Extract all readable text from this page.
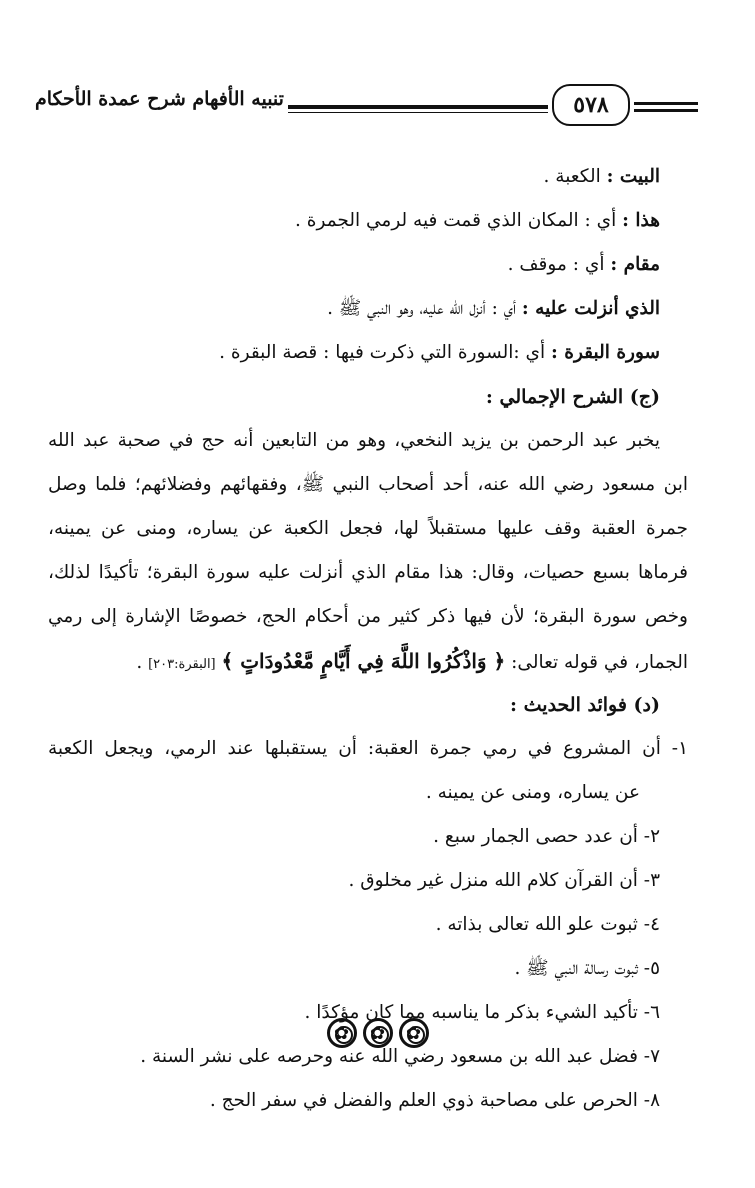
تنبيه الأفهام شرح عمدة الأحكام	٥٧٨
البيت : الكعبة .
هذا : أي : المكان الذي قمت فيه لرمي الجمرة .
مقام : أي : موقف .
الذي أنزلت عليه : أي : أنزل الله عليه، وهو النبي ﷺ .
سورة البقرة : أي :السورة التي ذكرت فيها : قصة البقرة .
(ج) الشرح الإجمالي :
يخبر عبد الرحمن بن يزيد النخعي، وهو من التابعين أنه حج في صحبة عبد الله
ابن مسعود رضي الله عنه، أحد أصحاب النبي ﷺ، وفقهائهم وفضلائهم؛ فلما وصل
جمرة العقبة وقف عليها مستقبلاً لها، فجعل الكعبة عن يساره، ومنى عن يمينه،
فرماها بسبع حصيات، وقال: هذا مقام الذي أنزلت عليه سورة البقرة؛ تأكيدًا لذلك،
وخص سورة البقرة؛ لأن فيها ذكر كثير من أحكام الحج، خصوصًا الإشارة إلى رمي
الجمار، في قوله تعالى: ﴿ وَاذْكُرُوا اللَّهَ فِي أَيَّامٍ مَّعْدُودَاتٍ ﴾ [البقرة:٢٠٣] .
(د) فوائد الحديث :
١- أن المشروع في رمي جمرة العقبة: أن يستقبلها عند الرمي، ويجعل الكعبة
عن يساره، ومنى عن يمينه .
٢- أن عدد حصى الجمار سبع .
٣- أن القرآن كلام الله منزل غير مخلوق .
٤- ثبوت علو الله تعالى بذاته .
٥- ثبوت رسالة النبي ﷺ .
٦- تأكيد الشيء بذكر ما يناسبه مما كان مؤكدًا .
٧- فضل عبد الله بن مسعود رضي الله عنه وحرصه على نشر السنة .
٨- الحرص على مصاحبة ذوي العلم والفضل في سفر الحج .
✿✿✿
